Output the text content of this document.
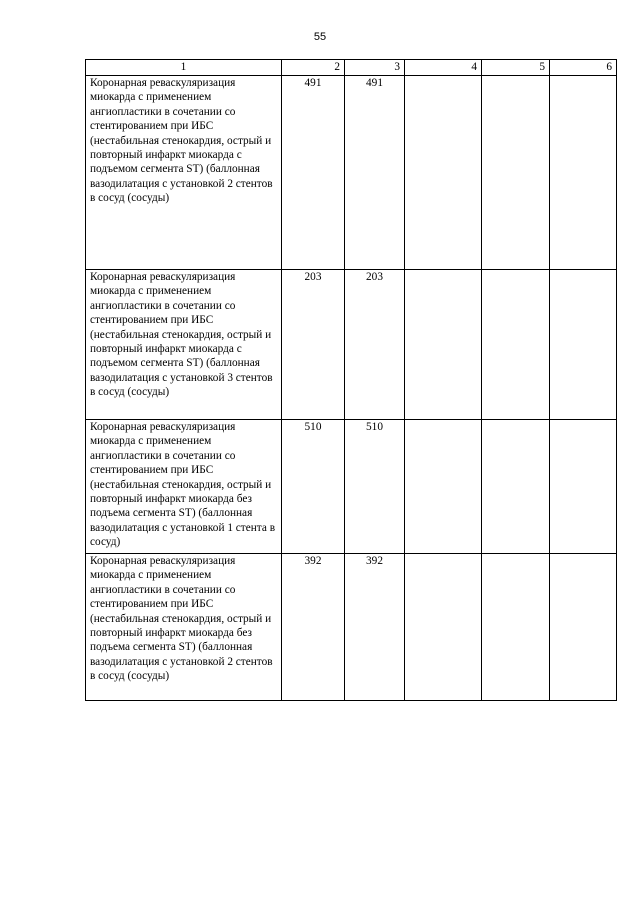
55
1	2	3	4	5	6
Коронарная реваскуляризация миокарда с применением ангиопластики в сочетании со стентированием при ИБС (нестабильная стенокардия, острый и повторный инфаркт миокарда с подъемом сегмента ST) (баллонная вазодилатация с установкой 2 стентов в сосуд (сосуды)	491	491			
Коронарная реваскуляризация миокарда с применением ангиопластики в сочетании со стентированием при ИБС (нестабильная стенокардия, острый и повторный инфаркт миокарда с подъемом сегмента ST) (баллонная вазодилатация с установкой 3 стентов в сосуд (сосуды)	203	203			
Коронарная реваскуляризация миокарда с применением ангиопластики в сочетании со стентированием при ИБС (нестабильная стенокардия, острый и повторный инфаркт миокарда без подъема сегмента ST) (баллонная вазодилатация с установкой 1 стента в сосуд)	510	510			
Коронарная реваскуляризация миокарда с применением ангиопластики в сочетании со стентированием при ИБС (нестабильная стенокардия, острый и повторный инфаркт миокарда без подъема сегмента ST) (баллонная вазодилатация с установкой 2 стентов в сосуд (сосуды)	392	392			
